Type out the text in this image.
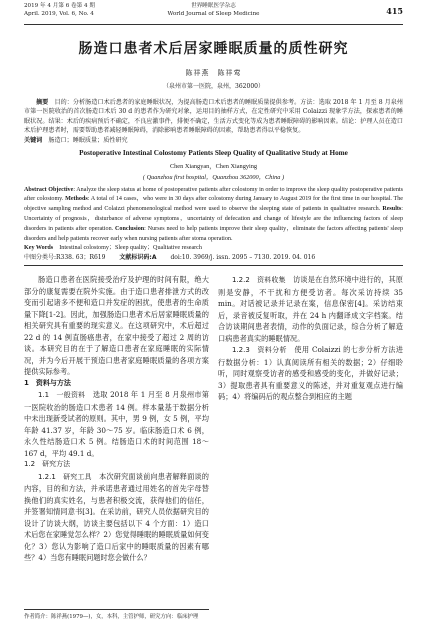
2019 年 4 月第 6 卷第 4 期
April. 2019, Vol. 6, No. 4
世界睡眠医学杂志
World Journal of Sleep Medicine	415
肠造口患者术后居家睡眠质量的质性研究
陈祥燕　陈祥莺
（泉州市第一医院，泉州，362000）
摘要　 目的：分析肠造口术后患者的家庭睡眠状况，为提高肠造口术后患者的睡眠质量提供参考。方法：选取 2018 年 1 月至 8 月泉州市第一医院收治的首次肠造口术后 30 d 的患者作为研究对象，运用目的抽样方式，在定性研究中采用 Colaizzi 现象学方法，探索患者的睡眠状况。结果：术后的疾病预后不确定，不良应激事件，排便不确定，生活方式变化等成为患者睡眠障碍的影响因素。结论：护理人员在造口术后护理患者时，需要帮助患者减轻睡眠障碍，消除影响患者睡眠障碍的因素，帮助患者得以平稳恢复。
关键词　 肠造口；睡眠质量；质性研究
Postoperative Intestinal Colostomy Patients Sleep Quality of Qualitative Study at Home
Chen Xiangyan，Chen Xiangying
( Quanzhou first hospital，Quanzhou 362000，China )
Abstract Objective: Analyze the sleep status at home of postoperative patients after colostomy in order to improve the sleep quality postoperative patients after colostomy. Methods: A total of 14 cases，who were in 30 days after colostomy during January to August 2019 for the first time in our hospital. The objective sampling method and Colaizzi phenomenological method were used to observe the sleeping state of patients in qualitative research. Results: Uncertainty of prognosis，disturbance of adverse symptoms，uncertainty of defecation and change of lifestyle are the influencing factors of sleep disorders in patients after operation. Conclusion: Nurses need to help patients improve their sleep quality，eliminate the factors affecting patients' sleep disorders and help patients recover early when nursing patients after stoma operation.
Key Words　 Intestinal colostomy；Sleep quality；Qualitative research
中图分类号:R338. 63；R619 文献标识码:A doi:10. 3969/j. issn. 2095 – 7130. 2019. 04. 016

肠造口患者在医院接受治疗及护理的时间有限，绝大部分的康复需要在院外实施。由于造口患者排泄方式的改变而引起诸多不便和造口并发症的困扰，使患者的生命质量下降[1-2]。因此，加强肠造口患者术后居家睡眠质量的相关研究具有重要的现实意义。在这项研究中，术后超过 22 d 的 14 例直肠癌患者，在家中接受了超过 2 周的访谈。本研究目的在于了解造口患者在家庭睡眠的实际情况，并为今后开展干预造口患者家庭睡眠质量的各项方案提供实际参考。

1　资料与方法

1.1　一般资料　 选取 2018 年 1 月至 8 月泉州市第一医院收治的肠造口术患者 14 例。样本量基于数据分析中未出现新受试者的原则。其中，男 9 例，女 5 例，平均年龄 41.37 岁，年龄 30～75 岁。临床肠造口术 6 例，永久性结肠造口术 5 例。结肠造口术的时间范围 18～167 d，平均 49.1 d。

1.2　研究方法

1.2.1　研究工具　 本次研究面谈前向患者解释面谈的内容，目的和方法，并承诺患者通过用姓名的首先字母替换他们的真实姓名，与患者积极交流，获得他们的信任，并签署知情同意书[3]。在采访前，研究人员依据研究目的设计了访谈大纲，访谈主要包括以下 4 个方面：1）造口术后您在家睡觉怎么样？2）您觉得睡眠的睡眠质量如何变化？3）您认为影响了造口后家中的睡眠质量的因素有哪些？4）当您有睡眠问题时您会做什么？

1.2.2　资料收集　 访谈是在自然环境中进行的，其原则是安静，不干扰和方便受访者。每次采访持续 35 min。对话被记录并记录在案，信息保密[4]。采访结束后，录音被反复听取，并在 24 h 内翻译成文字档案。结合访谈期间患者表情，动作的负面记录，综合分析了解造口病患者真实的睡眠情况。

1.2.3　资料分析　 使用 Colaizzi 的七步分析方法进行数据分析：1）认真阅读所有相关的数据；2）仔细聆听，同时观察受访者的感受和感受的变化，并做好记录；3）提取患者具有重要意义的陈述，并对重复观点进行编码；4）将编码后的观点整合到相应的主题

作者简介：陈祥燕(1979—)，女，本科，主管护师，研究方向：临床护理
